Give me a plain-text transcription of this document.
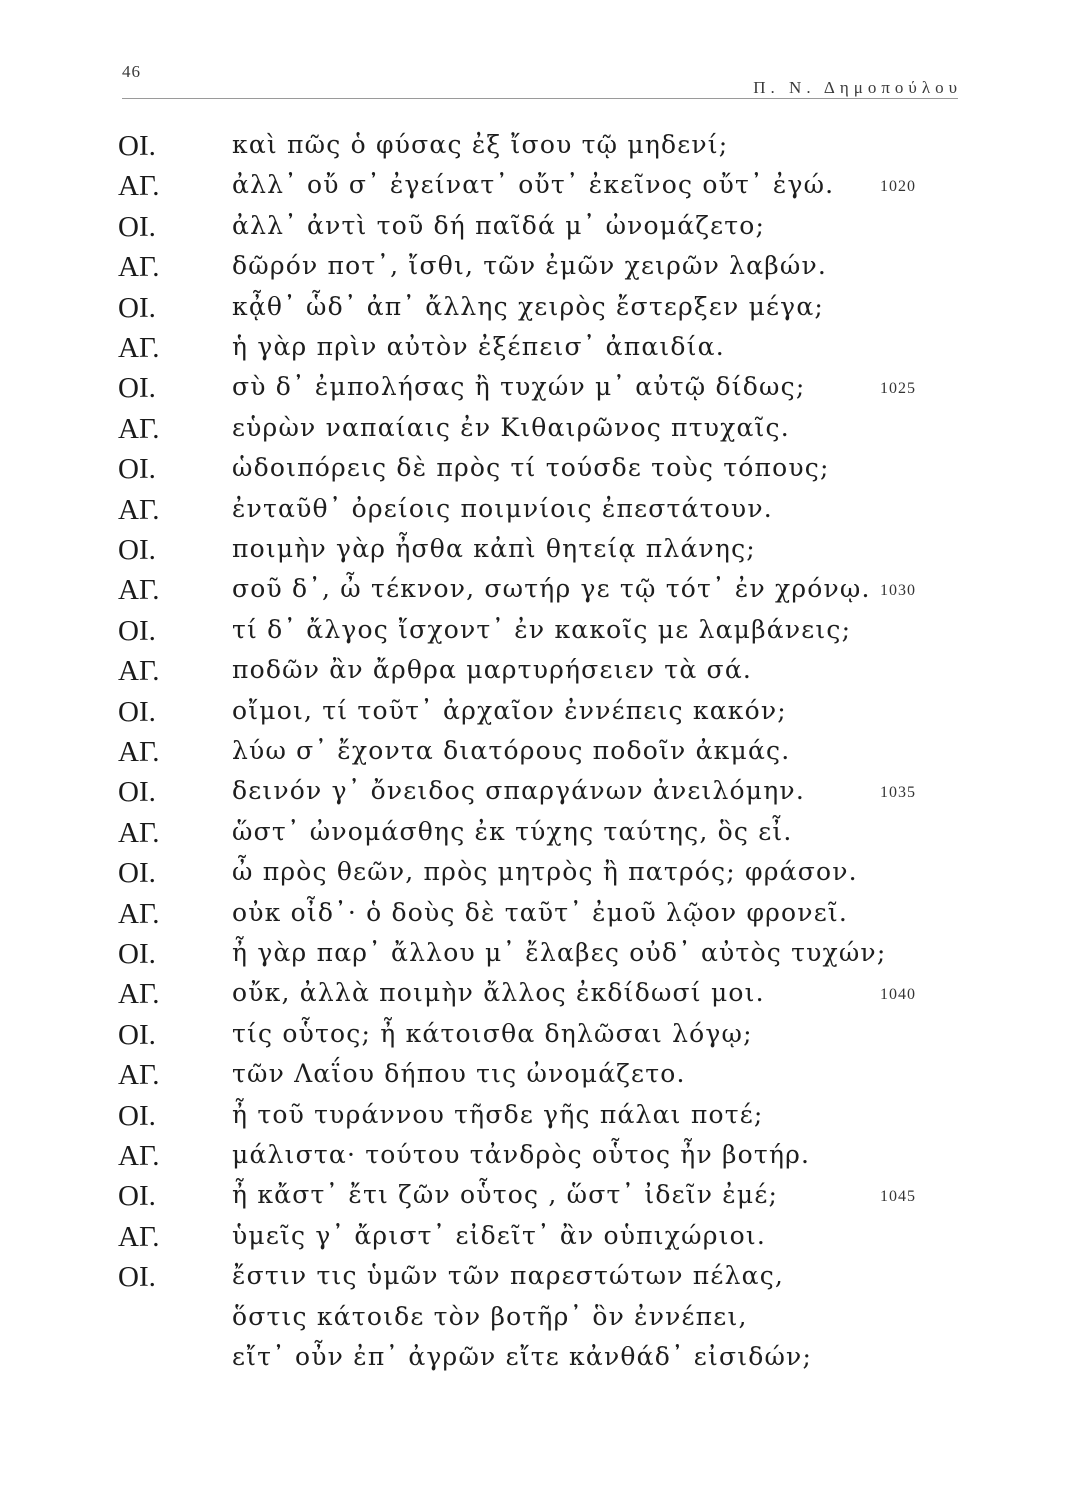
46
Π. Ν. Δημοπούλου
ΟΙ.	καὶ πῶς ὁ φύσας ἐξ ἴσου τῷ μηδενί;
ΑΓ.	ἀλλ᾽ οὔ σ᾽ ἐγείνατ᾽ οὔτ᾽ ἐκεῖνος οὔτ᾽ ἐγώ.	1020
ΟΙ.	ἀλλ᾽ ἀντὶ τοῦ δή παῖδά μ᾽ ὠνομάζετο;
ΑΓ.	δῶρόν ποτ᾽, ἴσθι, τῶν ἐμῶν χειρῶν λαβών.
ΟΙ.	κᾆθ᾽ ὧδ᾽ ἀπ᾽ ἄλλης χειρὸς ἔστερξεν μέγα;
ΑΓ.	ἡ γὰρ πρὶν αὐτὸν ἐξέπεισ᾽ ἀπαιδία.
ΟΙ.	σὺ δ᾽ ἐμπολήσας ἢ τυχών μ᾽ αὐτῷ δίδως;	1025
ΑΓ.	εὑρὼν ναπαίαις ἐν Κιθαιρῶνος πτυχαῖς.
ΟΙ.	ὡδοιπόρεις δὲ πρὸς τί τούσδε τοὺς τόπους;
ΑΓ.	ἐνταῦθ᾽ ὀρείοις ποιμνίοις ἐπεστάτουν.
ΟΙ.	ποιμὴν γὰρ ἦσθα κἀπὶ θητείᾳ πλάνης;
ΑΓ.	σοῦ δ᾽, ὦ τέκνον, σωτήρ γε τῷ τότ᾽ ἐν χρόνῳ. 1030
ΟΙ.	τί δ᾽ ἄλγος ἴσχοντ᾽ ἐν κακοῖς με λαμβάνεις;
ΑΓ.	ποδῶν ἂν ἄρθρα μαρτυρήσειεν τὰ σά.
ΟΙ.	οἴμοι, τί τοῦτ᾽ ἀρχαῖον ἐννέπεις κακόν;
ΑΓ.	λύω σ᾽ ἔχοντα διατόρους ποδοῖν ἀκμάς.
ΟΙ.	δεινόν γ᾽ ὄνειδος σπαργάνων ἀνειλόμην.	1035
ΑΓ.	ὥστ᾽ ὠνομάσθης ἐκ τύχης ταύτης, ὃς εἶ.
ΟΙ.	ὦ πρὸς θεῶν, πρὸς μητρὸς ἢ πατρός; φράσον.
ΑΓ.	οὐκ οἶδ᾽· ὁ δοὺς δὲ ταῦτ᾽ ἐμοῦ λῷον φρονεῖ.
ΟΙ.	ἦ γὰρ παρ᾽ ἄλλου μ᾽ ἔλαβες οὐδ᾽ αὐτὸς τυχών;
ΑΓ.	οὔκ, ἀλλὰ ποιμὴν ἄλλος ἐκδίδωσί μοι.	1040
ΟΙ.	τίς οὗτος; ἦ κάτοισθα δηλῶσαι λόγῳ;
ΑΓ.	τῶν Λαΐου δήπου τις ὠνομάζετο.
ΟΙ.	ἦ τοῦ τυράννου τῆσδε γῆς πάλαι ποτέ;
ΑΓ.	μάλιστα· τούτου τἀνδρὸς οὗτος ἦν βοτήρ.
ΟΙ.	ἦ κἄστ᾽ ἔτι ζῶν οὗτος , ὥστ᾽ ἰδεῖν ἐμέ;	1045
ΑΓ.	ὑμεῖς γ᾽ ἄριστ᾽ εἰδεῖτ᾽ ἂν οὑπιχώριοι.
ΟΙ.	ἔστιν τις ὑμῶν τῶν παρεστώτων πέλας,
ὅστις κάτοιδε τὸν βοτῆρ᾽ ὃν ἐννέπει,
εἴτ᾽ οὖν ἐπ᾽ ἀγρῶν εἴτε κἀνθάδ᾽ εἰσιδών;
